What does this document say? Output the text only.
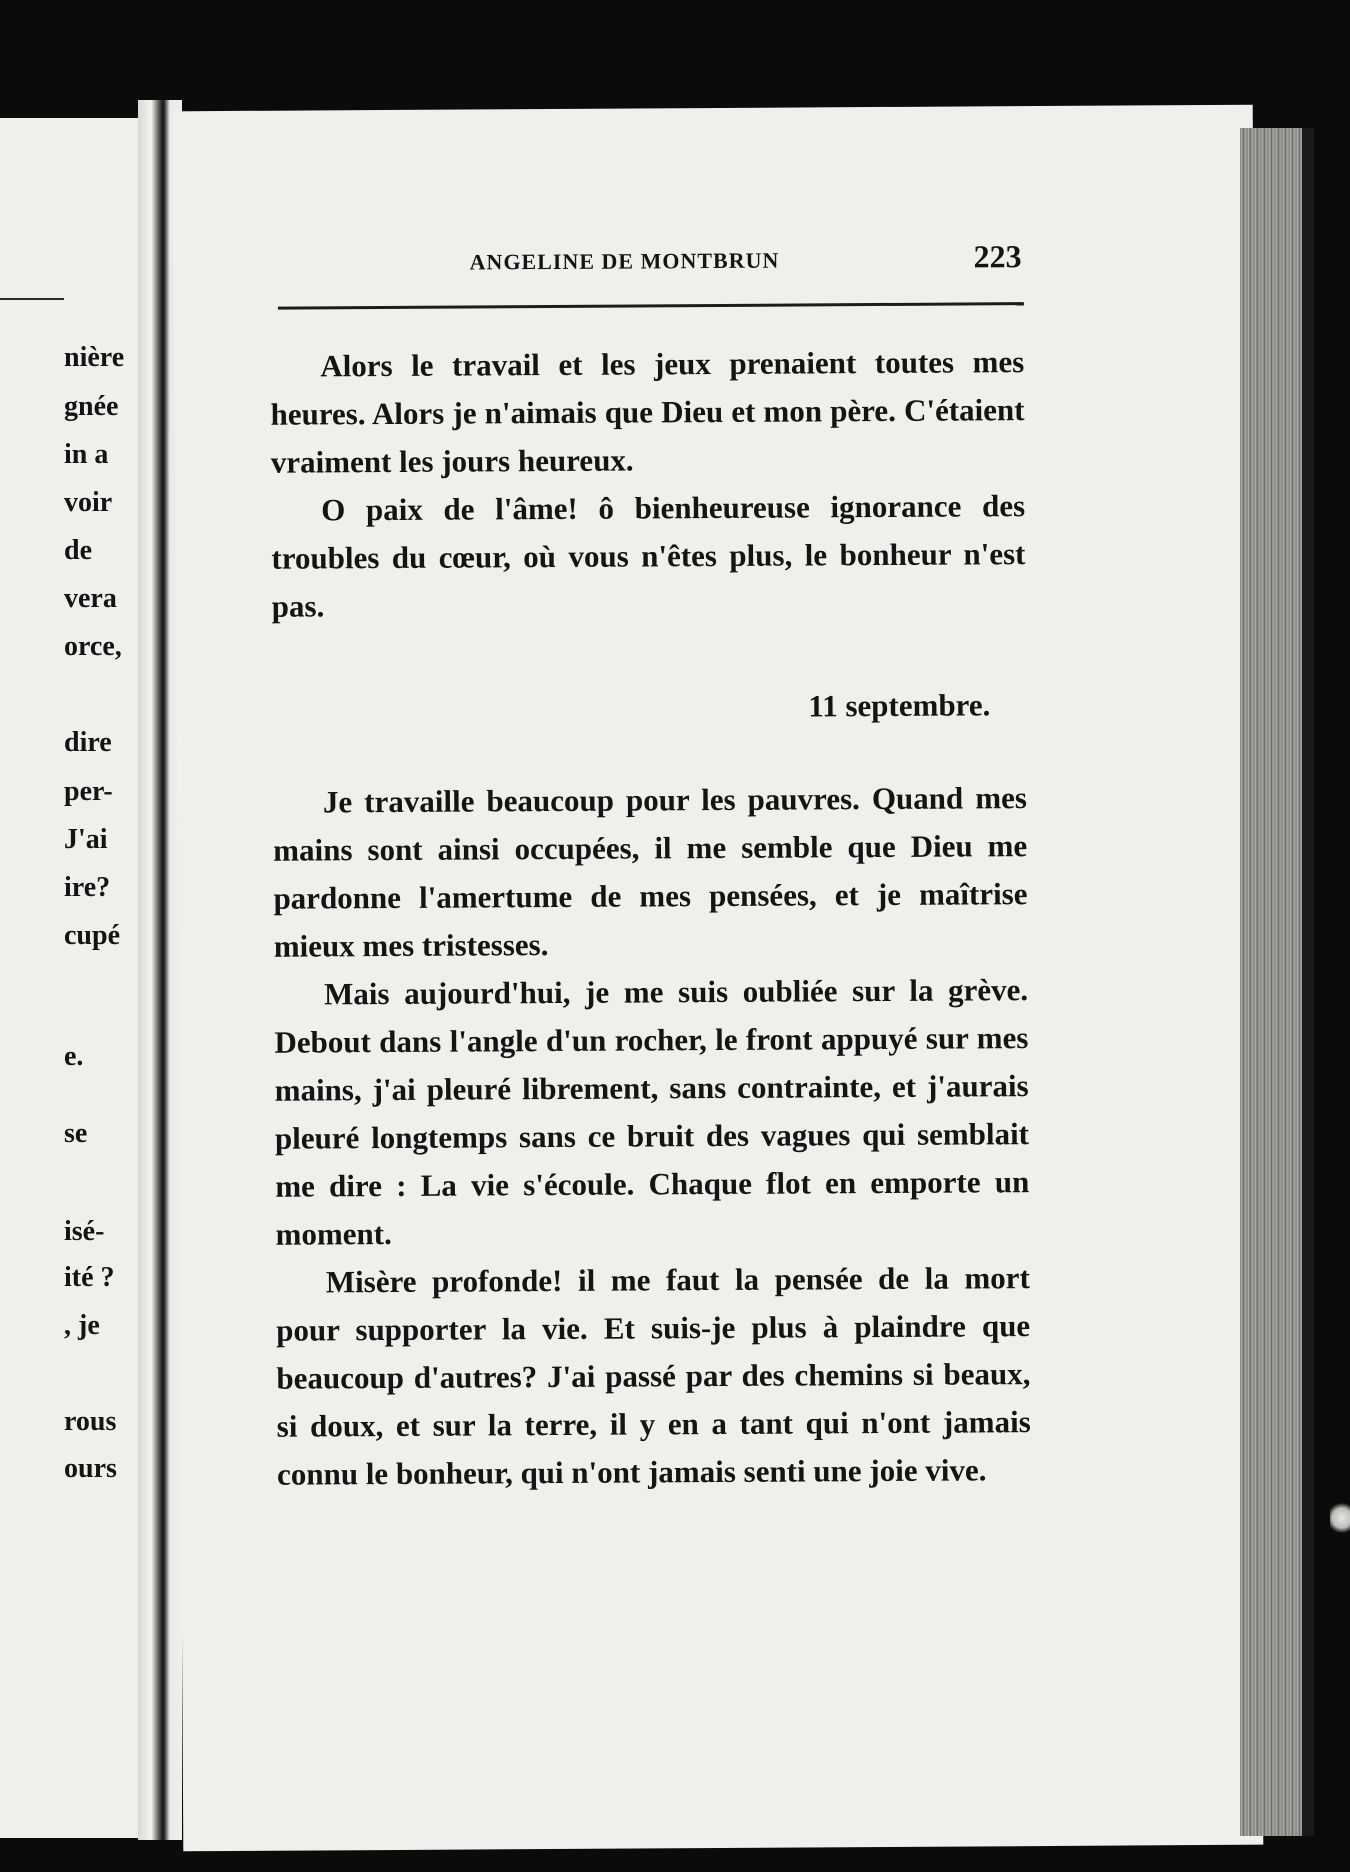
nière
gnée
in a
voir
de
vera
orce,
dire
per-
J'ai
ire?
cupé
e.
se
isé-
ité ?
, je
rous
ours
ANGELINE DE MONTBRUN	223

Alors le travail et les jeux prenaient toutes mes heures. Alors je n'aimais que Dieu et mon père. C'étaient vraiment les jours heureux.

O paix de l'âme! ô bienheureuse ignorance des troubles du cœur, où vous n'êtes plus, le bonheur n'est pas.

11 septembre.

Je travaille beaucoup pour les pauvres. Quand mes mains sont ainsi occupées, il me semble que Dieu me pardonne l'amertume de mes pensées, et je maîtrise mieux mes tristesses.

Mais aujourd'hui, je me suis oubliée sur la grève. Debout dans l'angle d'un rocher, le front appuyé sur mes mains, j'ai pleuré librement, sans contrainte, et j'aurais pleuré longtemps sans ce bruit des vagues qui semblait me dire : La vie s'écoule. Chaque flot en emporte un moment.

Misère profonde! il me faut la pensée de la mort pour supporter la vie. Et suis-je plus à plaindre que beaucoup d'autres? J'ai passé par des chemins si beaux, si doux, et sur la terre, il y en a tant qui n'ont jamais connu le bonheur, qui n'ont jamais senti une joie vive.
